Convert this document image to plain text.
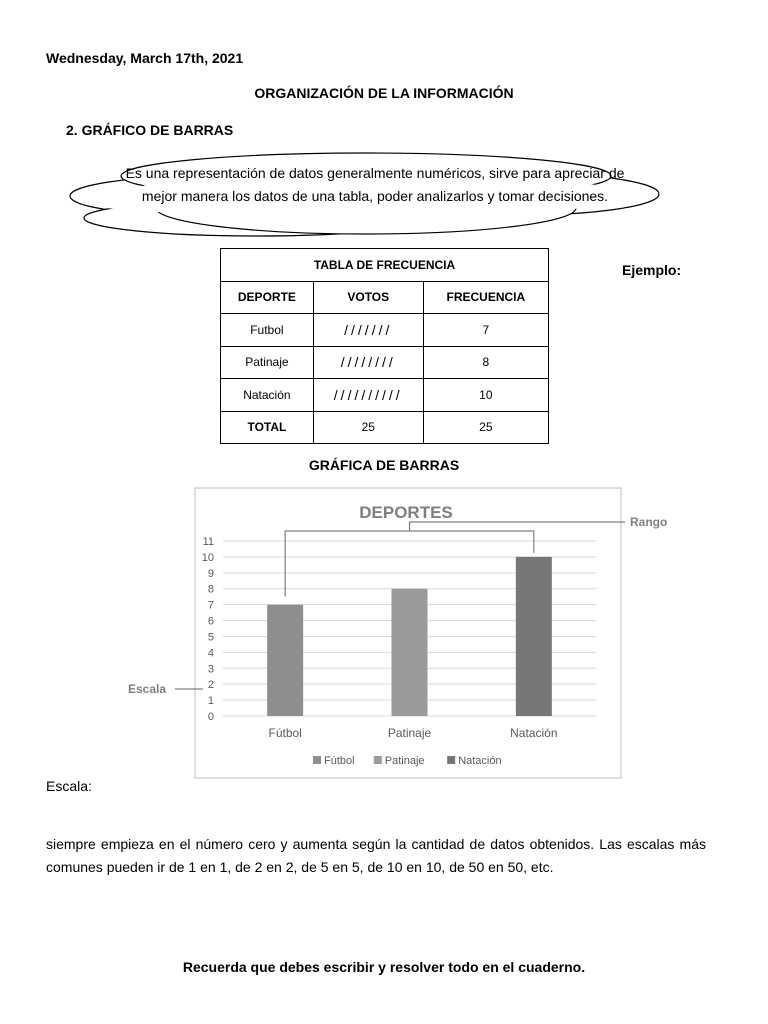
Wednesday, March 17th, 2021
ORGANIZACIÓN DE LA INFORMACIÓN
2. GRÁFICO DE BARRAS
Es una representación de datos generalmente numéricos, sirve para apreciar de mejor manera los datos de una tabla, poder analizarlos y tomar decisiones.
TABLA DE FRECUENCIA		
DEPORTE	VOTOS	FRECUENCIA
Futbol	///////	7
Patinaje	////////	8
Natación	//////////	10
TOTAL	25	25
Ejemplo:
GRÁFICA DE BARRAS
DEPORTES
0
1
2
3
4
5
6
7
8
9
10
11
Fútbol	Patinaje	Natación
Fútbol	Patinaje	Natación
Rango
Escala
Escala:
siempre empieza en el número cero y aumenta según la cantidad de datos obtenidos. Las escalas más comunes pueden ir de 1 en 1, de 2 en 2, de 5 en 5, de 10 en 10, de 50 en 50, etc.
Recuerda que debes escribir y resolver todo en el cuaderno.
